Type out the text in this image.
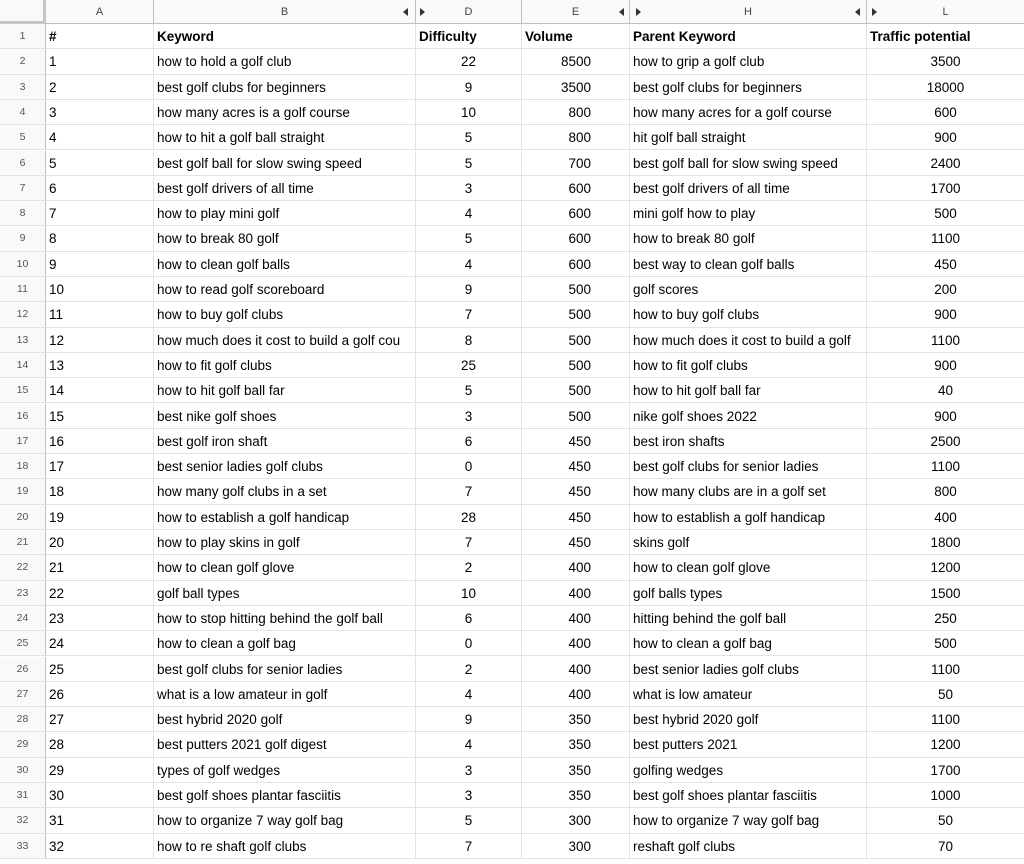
A	B	D	E	H	L
1	#	Keyword	Difficulty	Volume	Parent Keyword	Traffic potential
2	1	how to hold a golf club	22	8500	how to grip a golf club	3500
3	2	best golf clubs for beginners	9	3500	best golf clubs for beginners	18000
4	3	how many acres is a golf course	10	800	how many acres for a golf course	600
5	4	how to hit a golf ball straight	5	800	hit golf ball straight	900
6	5	best golf ball for slow swing speed	5	700	best golf ball for slow swing speed	2400
7	6	best golf drivers of all time	3	600	best golf drivers of all time	1700
8	7	how to play mini golf	4	600	mini golf how to play	500
9	8	how to break 80 golf	5	600	how to break 80 golf	1100
10	9	how to clean golf balls	4	600	best way to clean golf balls	450
11	10	how to read golf scoreboard	9	500	golf scores	200
12	11	how to buy golf clubs	7	500	how to buy golf clubs	900
13	12	how much does it cost to build a golf cou	8	500	how much does it cost to build a golf	1100
14	13	how to fit golf clubs	25	500	how to fit golf clubs	900
15	14	how to hit golf ball far	5	500	how to hit golf ball far	40
16	15	best nike golf shoes	3	500	nike golf shoes 2022	900
17	16	best golf iron shaft	6	450	best iron shafts	2500
18	17	best senior ladies golf clubs	0	450	best golf clubs for senior ladies	1100
19	18	how many golf clubs in a set	7	450	how many clubs are in a golf set	800
20	19	how to establish a golf handicap	28	450	how to establish a golf handicap	400
21	20	how to play skins in golf	7	450	skins golf	1800
22	21	how to clean golf glove	2	400	how to clean golf glove	1200
23	22	golf ball types	10	400	golf balls types	1500
24	23	how to stop hitting behind the golf ball	6	400	hitting behind the golf ball	250
25	24	how to clean a golf bag	0	400	how to clean a golf bag	500
26	25	best golf clubs for senior ladies	2	400	best senior ladies golf clubs	1100
27	26	what is a low amateur in golf	4	400	what is low amateur	50
28	27	best hybrid 2020 golf	9	350	best hybrid 2020 golf	1100
29	28	best putters 2021 golf digest	4	350	best putters 2021	1200
30	29	types of golf wedges	3	350	golfing wedges	1700
31	30	best golf shoes plantar fasciitis	3	350	best golf shoes plantar fasciitis	1000
32	31	how to organize 7 way golf bag	5	300	how to organize 7 way golf bag	50
33	32	how to re shaft golf clubs	7	300	reshaft golf clubs	70
